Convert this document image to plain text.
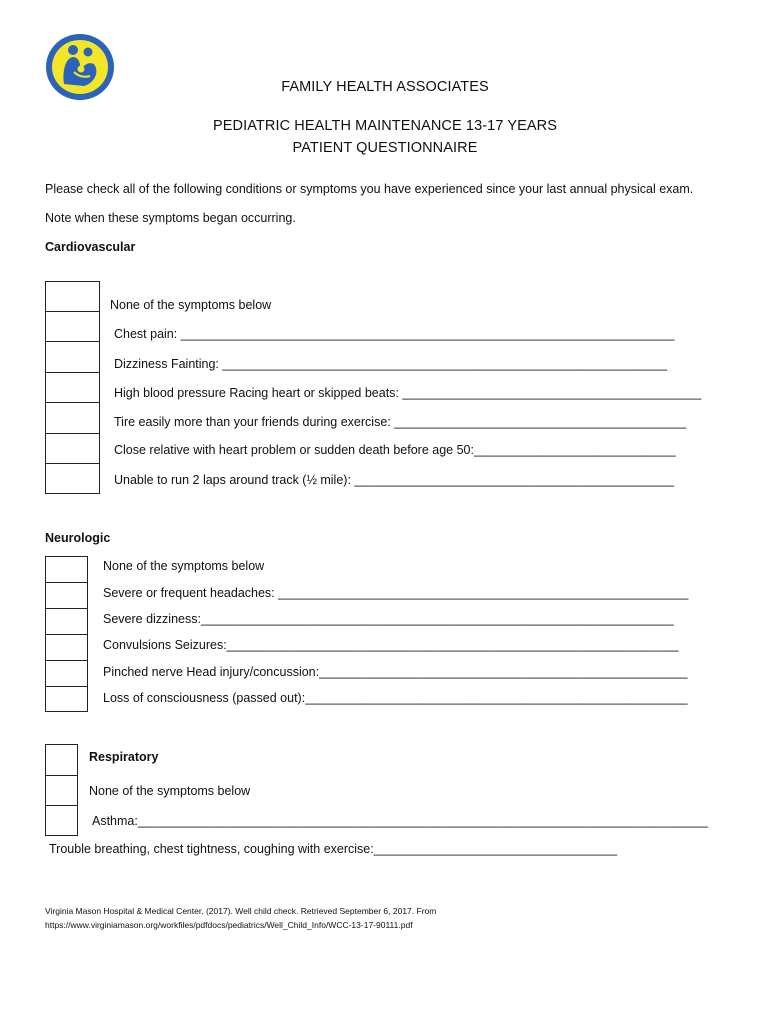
FAMILY HEALTH ASSOCIATES
PEDIATRIC HEALTH MAINTENANCE 13-17 YEARS
PATIENT QUESTIONNAIRE
Please check all of the following conditions or symptoms you have experienced since your last annual physical exam.
Note when these symptoms began occurring.
Cardiovascular
None of the symptoms below
Chest pain: _______________________________________________________________________
Dizziness Fainting: ________________________________________________________________
High blood pressure Racing heart or skipped beats: ___________________________________________
Tire easily more than your friends during exercise: __________________________________________
Close relative with heart problem or sudden death before age 50:_____________________________
Unable to run 2 laps around track (½ mile): ______________________________________________
Neurologic
None of the symptoms below
Severe or frequent headaches: ___________________________________________________________
Severe dizziness:____________________________________________________________________
Convulsions Seizures:_________________________________________________________________
Pinched nerve Head injury/concussion:_____________________________________________________
Loss of consciousness (passed out):_______________________________________________________
Respiratory
None of the symptoms below
Asthma:__________________________________________________________________________________
Trouble breathing, chest tightness, coughing with exercise:___________________________________
Virginia Mason Hospital & Medical Center. (2017). Well child check. Retrieved September 6, 2017. From
https://www.virginiamason.org/workfiles/pdfdocs/pediatrics/Well_Child_Info/WCC-13-17-90111.pdf
